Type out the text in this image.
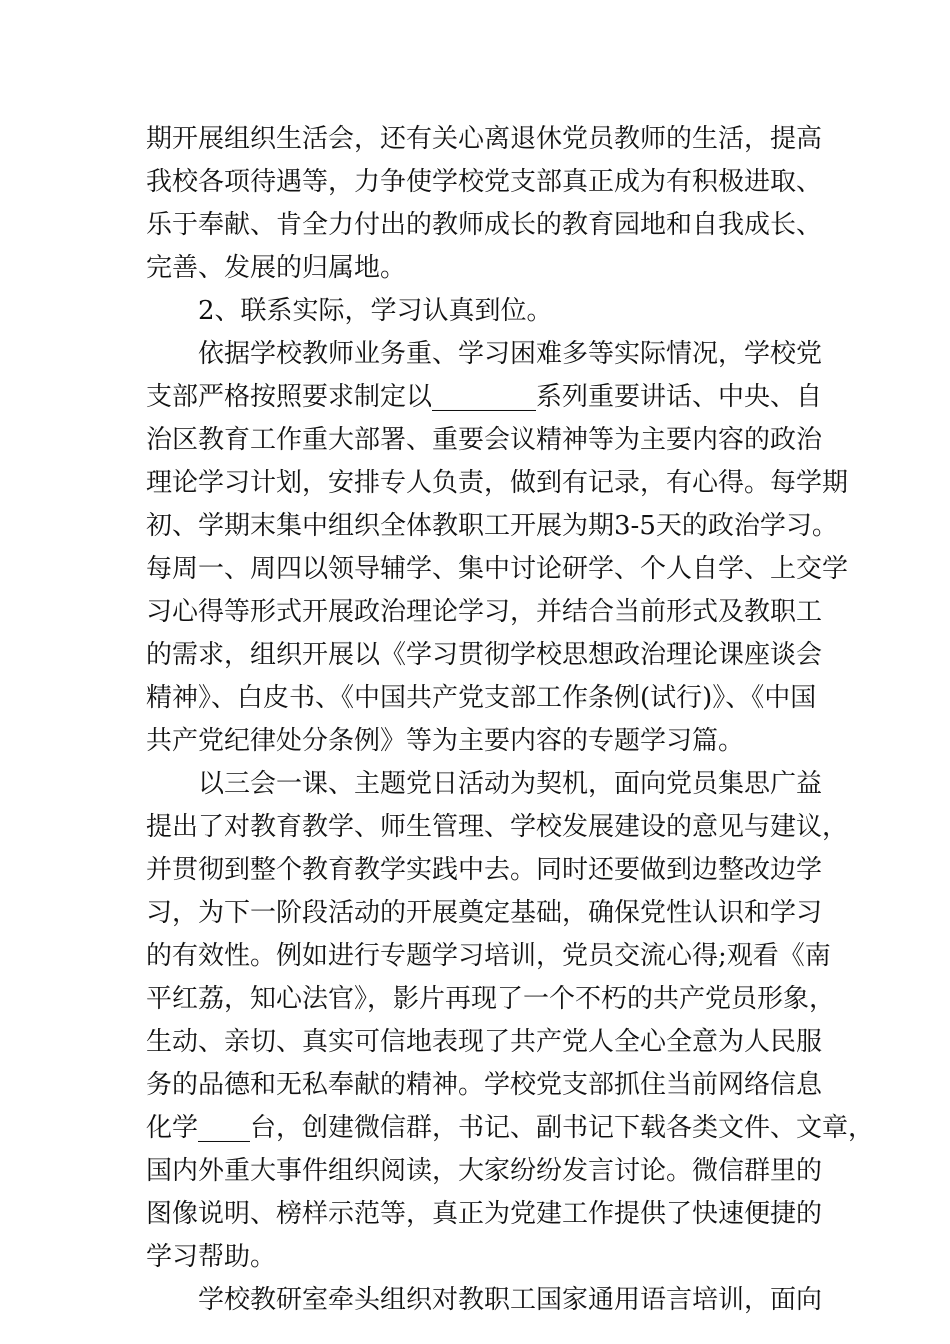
期开展组织生活会，还有关心离退休党员教师的生活，提高
我校各项待遇等，力争使学校党支部真正成为有积极进取、
乐于奉献、肯全力付出的教师成长的教育园地和自我成长、
完善、发展的归属地。
2、联系实际，学习认真到位。
依据学校教师业务重、学习困难多等实际情况，学校党
支部严格按照要求制定以________系列重要讲话、中央、自
治区教育工作重大部署、重要会议精神等为主要内容的政治
理论学习计划，安排专人负责，做到有记录，有心得。每学期
初、学期末集中组织全体教职工开展为期3-5天的政治学习。
每周一、周四以领导辅学、集中讨论研学、个人自学、上交学
习心得等形式开展政治理论学习，并结合当前形式及教职工
的需求，组织开展以《学习贯彻学校思想政治理论课座谈会
精神》、白皮书、《中国共产党支部工作条例(试行)》、《中国
共产党纪律处分条例》等为主要内容的专题学习篇。
以三会一课、主题党日活动为契机，面向党员集思广益
提出了对教育教学、师生管理、学校发展建设的意见与建议，
并贯彻到整个教育教学实践中去。同时还要做到边整改边学
习，为下一阶段活动的开展奠定基础，确保党性认识和学习
的有效性。例如进行专题学习培训，党员交流心得;观看《南
平红荔，知心法官》，影片再现了一个不朽的共产党员形象，
生动、亲切、真实可信地表现了共产党人全心全意为人民服
务的品德和无私奉献的精神。学校党支部抓住当前网络信息
化学____台，创建微信群，书记、副书记下载各类文件、文章，
国内外重大事件组织阅读，大家纷纷发言讨论。微信群里的
图像说明、榜样示范等，真正为党建工作提供了快速便捷的
学习帮助。
学校教研室牵头组织对教职工国家通用语言培训，面向
